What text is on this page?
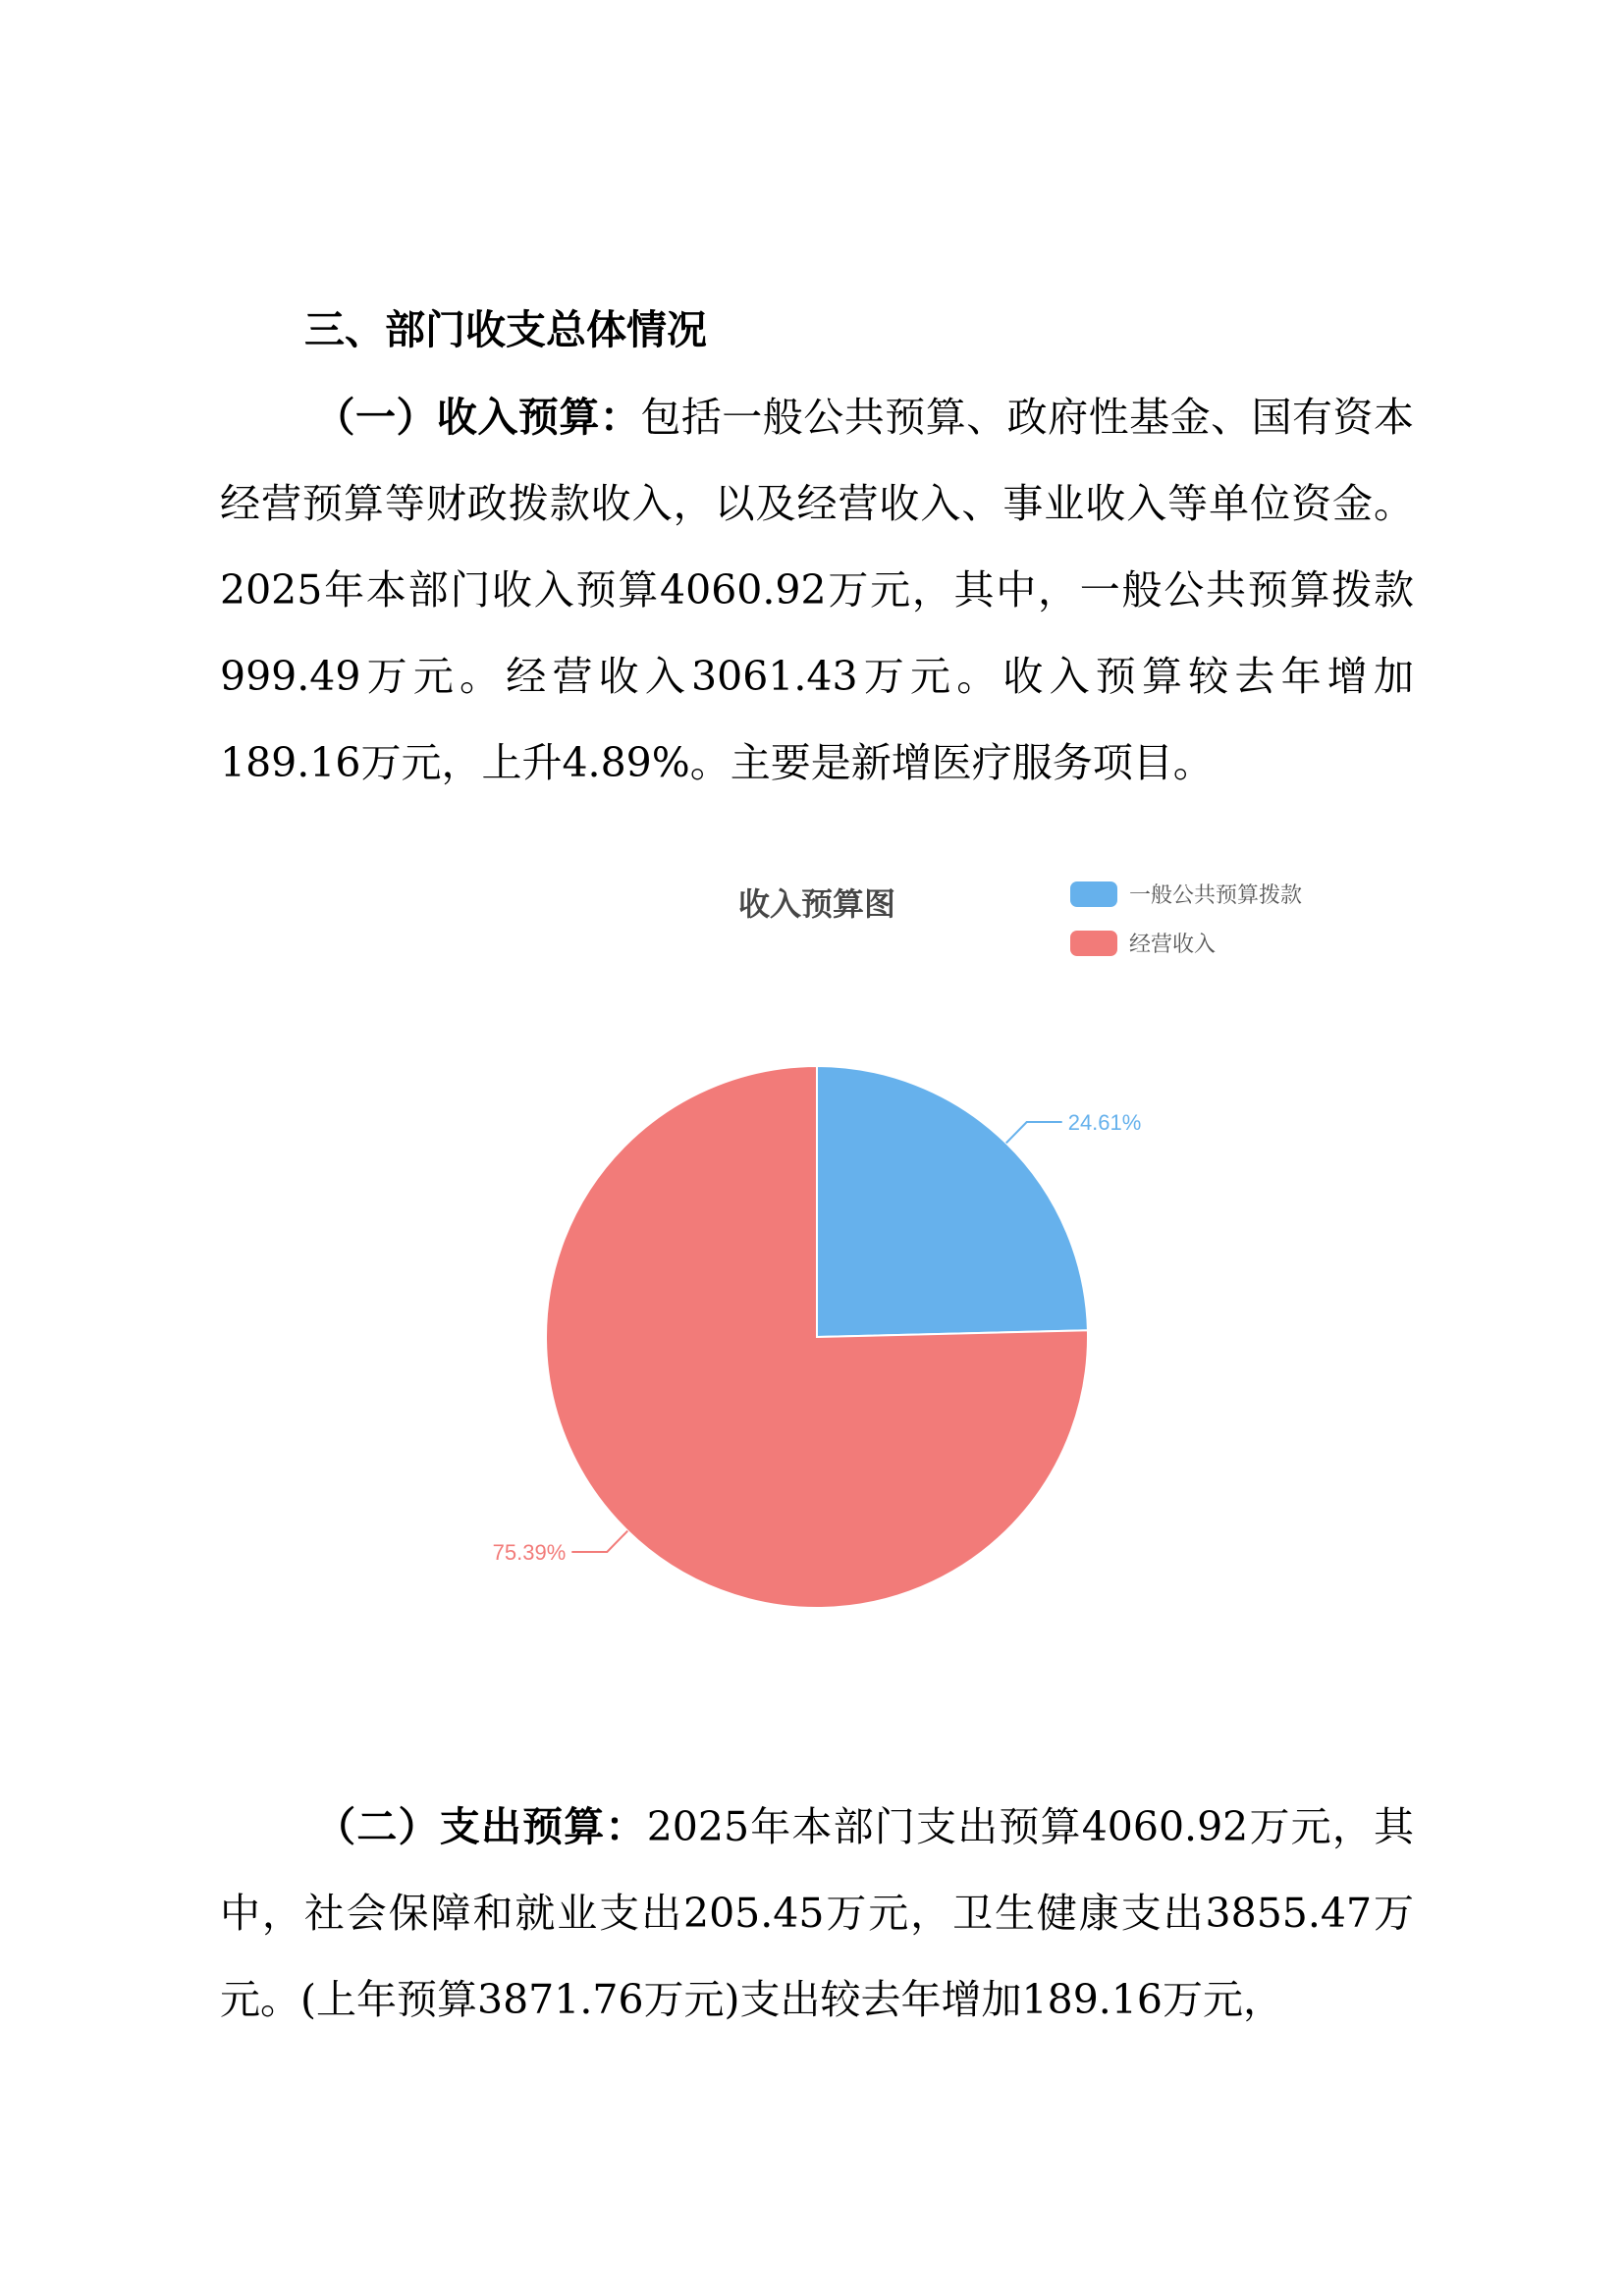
三、部门收支总体情况

（一）收入预算：包括一般公共预算、政府性基金、国有资本经营预算等财政拨款收入，以及经营收入、事业收入等单位资金。2025年本部门收入预算4060.92万元，其中，一般公共预算拨款999.49万元。经营收入3061.43万元。收入预算较去年增加189.16万元，上升4.89%。主要是新增医疗服务项目。

收入预算图	一般公共预算拨款
经营收入
24.61%
75.39%

（二）支出预算：2025年本部门支出预算4060.92万元，其中，社会保障和就业支出205.45万元，卫生健康支出3855.47万元。(上年预算3871.76万元)支出较去年增加189.16万元，
